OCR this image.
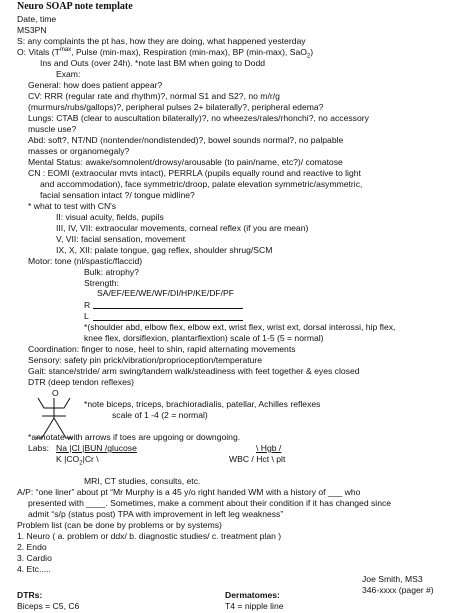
Neuro SOAP note template
Date, time
MS3PN
S: any complaints the pt has, how they are doing, what happened yesterday
O: Vitals ($T^{max}$, Pulse (min-max), Respiration (min-max), BP (min-max), SaO$_2$)
Ins and Outs (over 24h). *note last BM when going to Dodd
Exam:
General: how does patient appear?
CV: RRR (regular rate and rhythm)?, normal S1 and S2?, no m/r/g
(murmurs/rubs/gallops)?, peripheral pulses 2+ bilaterally?, peripheral edema?
Lungs: CTAB (clear to auscultation bilaterally)?, no wheezes/rales/rhonchi?, no accessory
muscle use?
Abd: soft?, NT/ND (nontender/nondistended)?, bowel sounds normal?, no palpable
masses or organomegaly?
Mental Status: awake/somnolent/drowsy/arousable (to pain/name, etc?)/ comatose
CN : EOMI (extraocular mvts intact), PERRLA (pupils equally round and reactive to light
and accommodation), face symmetric/droop, palate elevation symmetric/asymmetric,
facial sensation intact ?/ tongue midline?
* what to test with CN's
II: visual acuity, fields, pupils
III, IV, VII: extraocular movements, corneal reflex (if you are mean)
V, VII: facial sensation, movement
IX, X, XII: palate tongue, gag reflex, shoulder shrug/SCM
Motor: tone (nl/spastic/flaccid)
Bulk: atrophy?
Strength:
SA/EF/EE/WE/WF/DI/HP/KE/DF/PF
R
L
*(shoulder abd, elbow flex, elbow ext, wrist flex, wrist ext, dorsal interossi, hip flex,
knee flex, dorsiflexion, plantarflextion) scale of 1-5 (5 = normal)
Coordination: finger to nose, heel to shin, rapid alternating movements
Sensory: safety pin prick/vibration/proprioception/temperature
Gait: stance/stride/ arm swing/tandem walk/steadiness with feet together & eyes closed
DTR (deep tendon reflexes)
O
*note biceps, triceps, brachioradialis, patellar, Achilles reflexes
scale of 1 -4 (2 = normal)
*annotate with arrows if toes are upgoing or downgoing.
Labs: Na |Cl |BUN /glucose	\ Hgb /
K $|CO_2|Cr$ \	WBC / Hct \ plt
MRI, CT studies, consults, etc.
A/P: “one liner” about pt “Mr Murphy is a 45 y/o right handed WM with a history of ___ who
presented with ____. Sometimes, make a comment about their condition if it has changed since
admit “s/p (status post) TPA with improvement in left leg weakness”
Problem list (can be done by problems or by systems)
1. Neuro ( a. problem or ddx/ b. diagnostic studies/ c. treatment plan )
2. Endo
3. Cardio
4. Etc.....
Joe Smith, MS3
346-xxxx (pager #)
DTRs:
Biceps = C5, C6
Dermatomes:
T4 = nipple line
